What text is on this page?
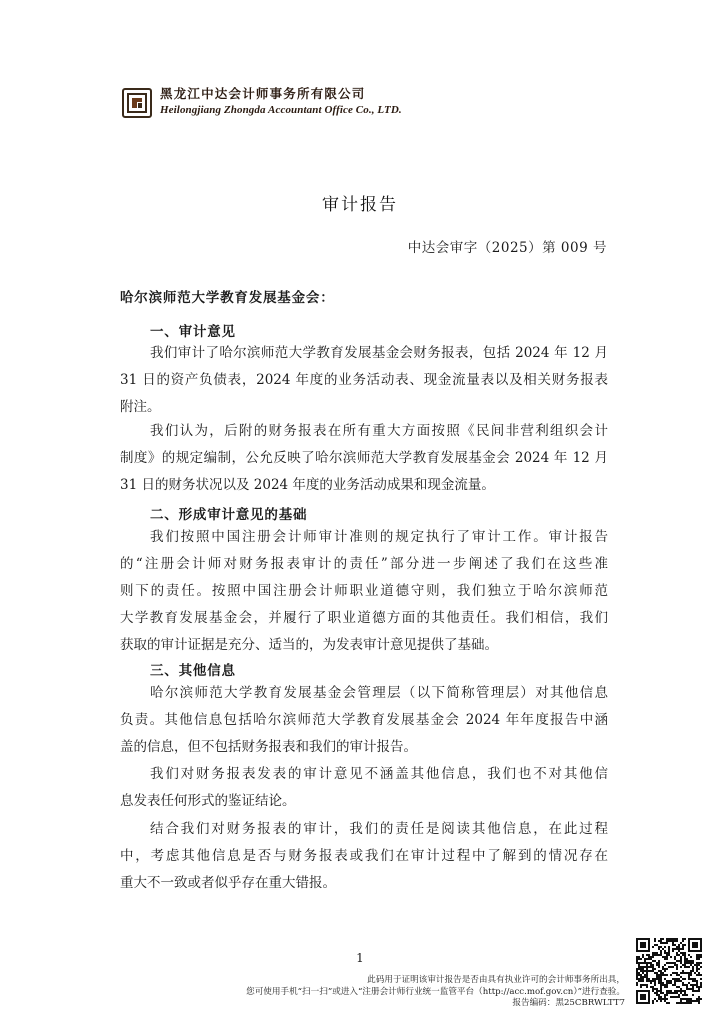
黑龙江中达会计师事务所有限公司
Heilongjiang Zhongda Accountant Office Co., LTD.
审计报告
中达会审字（2025）第 009 号
哈尔滨师范大学教育发展基金会：
一、审计意见
我们审计了哈尔滨师范大学教育发展基金会财务报表，包括 2024 年 12 月
31 日的资产负债表，2024 年度的业务活动表、现金流量表以及相关财务报表
附注。
我们认为，后附的财务报表在所有重大方面按照《民间非营利组织会计
制度》的规定编制，公允反映了哈尔滨师范大学教育发展基金会 2024 年 12 月
31 日的财务状况以及 2024 年度的业务活动成果和现金流量。
二、形成审计意见的基础
我们按照中国注册会计师审计准则的规定执行了审计工作。审计报告
的“注册会计师对财务报表审计的责任”部分进一步阐述了我们在这些准
则下的责任。按照中国注册会计师职业道德守则，我们独立于哈尔滨师范
大学教育发展基金会，并履行了职业道德方面的其他责任。我们相信，我们
获取的审计证据是充分、适当的，为发表审计意见提供了基础。
三、其他信息
哈尔滨师范大学教育发展基金会管理层（以下简称管理层）对其他信息
负责。其他信息包括哈尔滨师范大学教育发展基金会 2024 年年度报告中涵
盖的信息，但不包括财务报表和我们的审计报告。
我们对财务报表发表的审计意见不涵盖其他信息，我们也不对其他信
息发表任何形式的鉴证结论。
结合我们对财务报表的审计，我们的责任是阅读其他信息，在此过程
中，考虑其他信息是否与财务报表或我们在审计过程中了解到的情况存在
重大不一致或者似乎存在重大错报。
1
此码用于证明该审计报告是否由具有执业许可的会计师事务所出具，
您可使用手机“扫一扫”或进入“注册会计师行业统一监管平台（http://acc.mof.gov.cn）”进行查验。
报告编码：黑25CBRWLTT7
